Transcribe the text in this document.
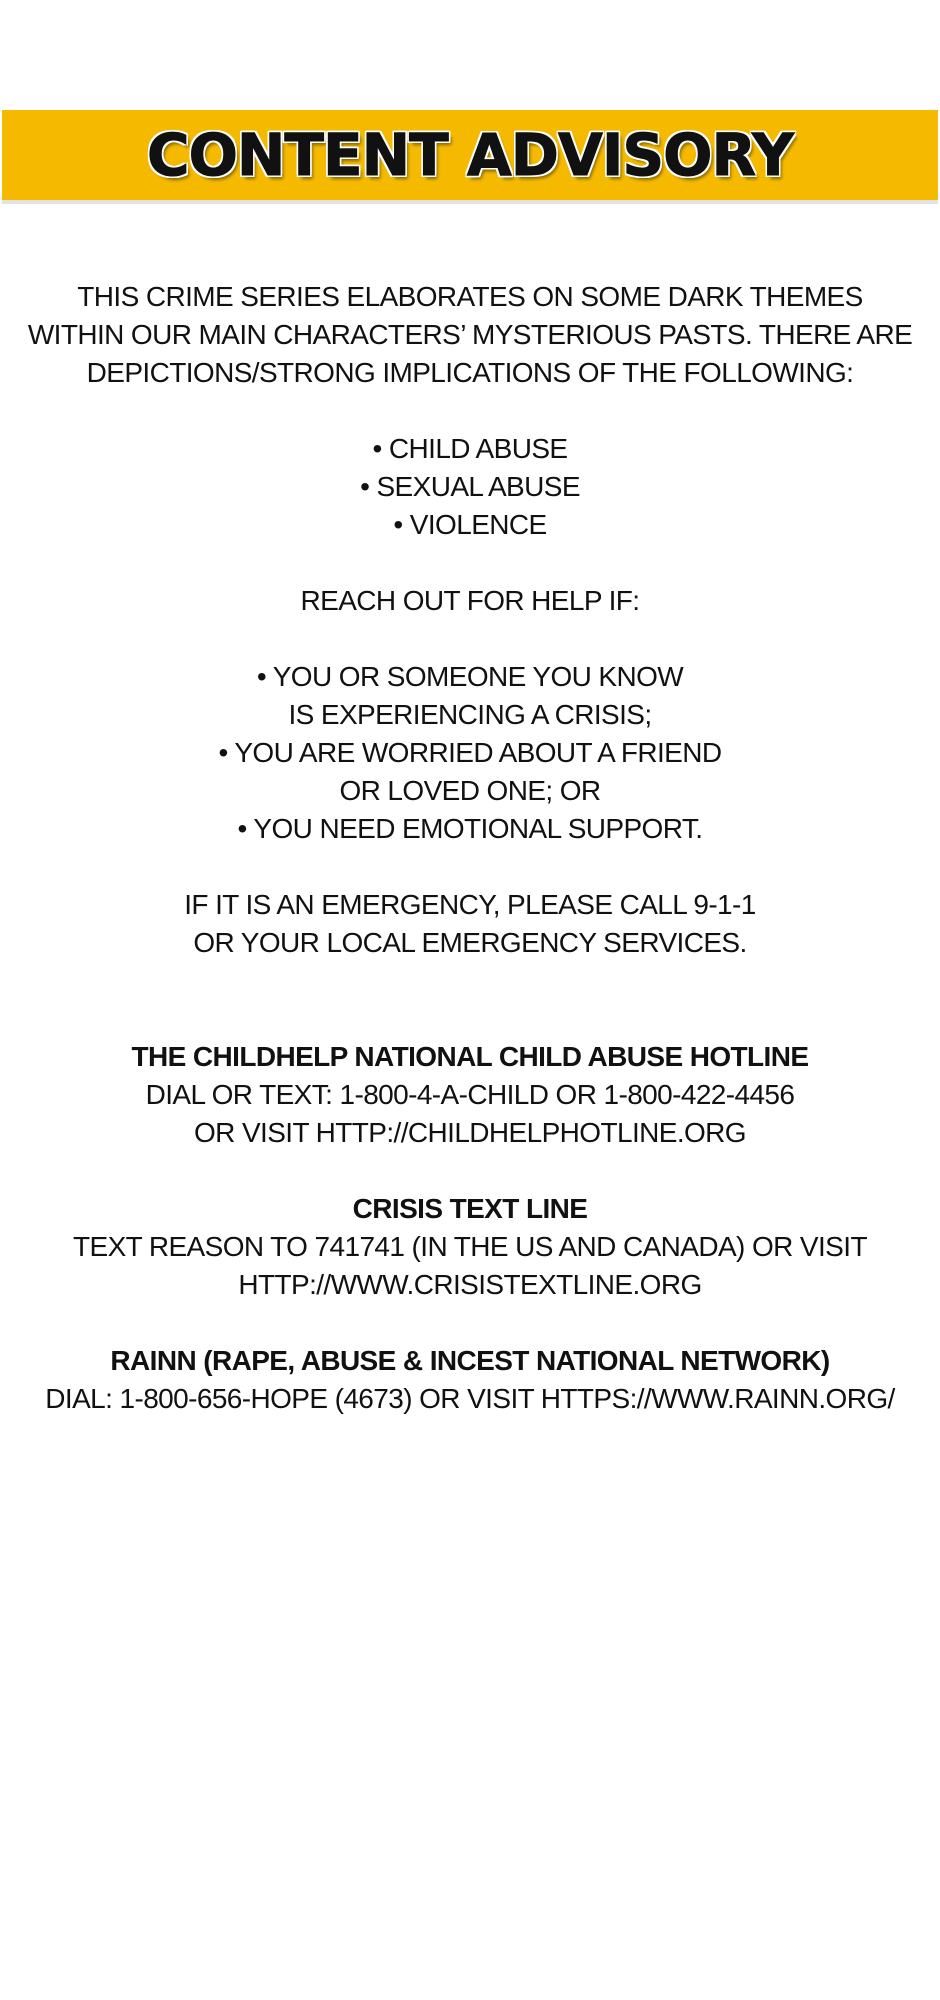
CONTENT ADVISORY
THIS CRIME SERIES ELABORATES ON SOME DARK THEMES
WITHIN OUR MAIN CHARACTERS’ MYSTERIOUS PASTS. THERE ARE
DEPICTIONS/STRONG IMPLICATIONS OF THE FOLLOWING:
• CHILD ABUSE
• SEXUAL ABUSE
• VIOLENCE
REACH OUT FOR HELP IF:
• YOU OR SOMEONE YOU KNOW
IS EXPERIENCING A CRISIS;
• YOU ARE WORRIED ABOUT A FRIEND
OR LOVED ONE; OR
• YOU NEED EMOTIONAL SUPPORT.
IF IT IS AN EMERGENCY, PLEASE CALL 9-1-1
OR YOUR LOCAL EMERGENCY SERVICES.
THE CHILDHELP NATIONAL CHILD ABUSE HOTLINE
DIAL OR TEXT: 1-800-4-A-CHILD OR 1-800-422-4456
OR VISIT HTTP://CHILDHELPHOTLINE.ORG
CRISIS TEXT LINE
TEXT REASON TO 741741 (IN THE US AND CANADA) OR VISIT
HTTP://WWW.CRISISTEXTLINE.ORG
RAINN (RAPE, ABUSE & INCEST NATIONAL NETWORK)
DIAL: 1-800-656-HOPE (4673) OR VISIT HTTPS://WWW.RAINN.ORG/
